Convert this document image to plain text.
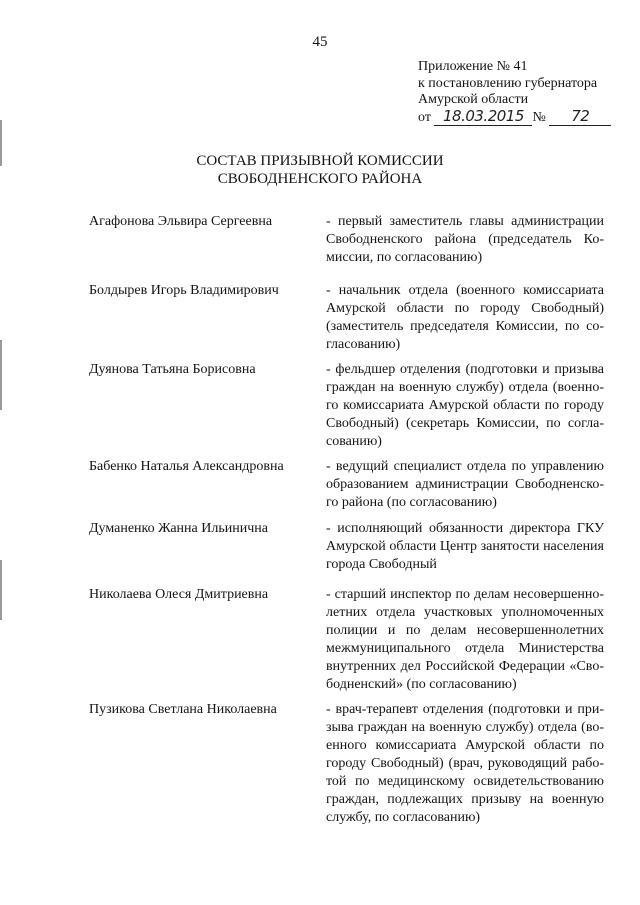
45
Приложение № 41
к постановлению губернатора
Амурской области
от 18.03.2015 № 72
СОСТАВ ПРИЗЫВНОЙ КОМИССИИ
СВОБОДНЕНСКОГО РАЙОНА
Агафонова Эльвира Сергеевна	- первый заместитель главы администрации
Свободненского района (председатель Ко-
миссии, по согласованию)
Болдырев Игорь Владимирович	- начальник отдела (военного комиссариата
Амурской области по городу Свободный)
(заместитель председателя Комиссии, по со-
гласованию)
Дуянова Татьяна Борисовна	- фельдшер отделения (подготовки и призыва
граждан на военную службу) отдела (военно-
го комиссариата Амурской области по городу
Свободный) (секретарь Комиссии, по согла-
сованию)
Бабенко Наталья Александровна	- ведущий специалист отдела по управлению
образованием администрации Свободненско-
го района (по согласованию)
Думаненко Жанна Ильинична	- исполняющий обязанности директора ГКУ
Амурской области Центр занятости населения
города Свободный
Николаева Олеся Дмитриевна	- старший инспектор по делам несовершенно-
летних отдела участковых уполномоченных
полиции и по делам несовершеннолетних
межмуниципального отдела Министерства
внутренних дел Российской Федерации «Сво-
бодненский» (по согласованию)
Пузикова Светлана Николаевна	- врач-терапевт отделения (подготовки и при-
зыва граждан на военную службу) отдела (во-
енного комиссариата Амурской области по
городу Свободный) (врач, руководящий рабо-
той по медицинскому освидетельствованию
граждан, подлежащих призыву на военную
службу, по согласованию)
